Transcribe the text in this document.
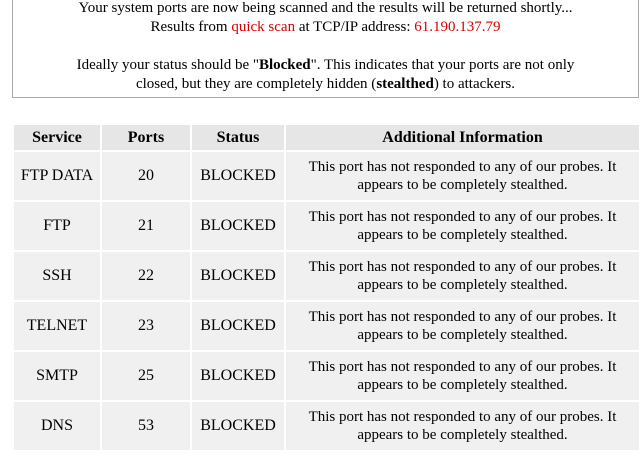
Your system ports are now being scanned and the results will be returned shortly...

Results from quick scan at TCP/IP address: 61.190.137.79

Ideally your status should be "Blocked". This indicates that your ports are not only

closed, but they are completely hidden (stealthed) to attackers.

Service	Ports	Status	Additional Information
FTP DATA	20	BLOCKED	This port has not responded to any of our probes. It appears to be completely stealthed.
FTP	21	BLOCKED	This port has not responded to any of our probes. It appears to be completely stealthed.
SSH	22	BLOCKED	This port has not responded to any of our probes. It appears to be completely stealthed.
TELNET	23	BLOCKED	This port has not responded to any of our probes. It appears to be completely stealthed.
SMTP	25	BLOCKED	This port has not responded to any of our probes. It appears to be completely stealthed.
DNS	53	BLOCKED	This port has not responded to any of our probes. It appears to be completely stealthed.
